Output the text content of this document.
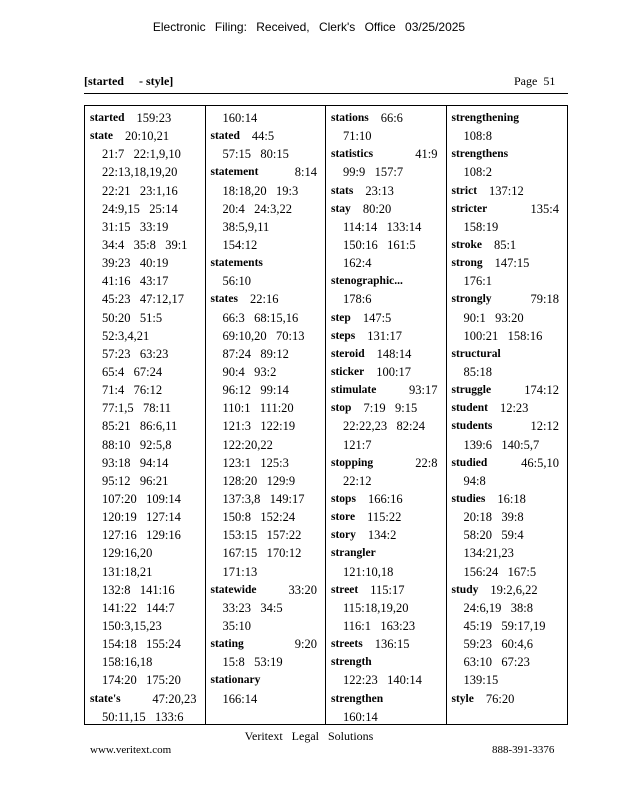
Electronic Filing: Received, Clerk's Office 03/25/2025
[started     - style]	Page  51
started 159:23
state 20:10,21
21:7   22:1,9,10
22:13,18,19,20
22:21   23:1,16
24:9,15   25:14
31:15   33:19
34:4   35:8   39:1
39:23   40:19
41:16   43:17
45:23   47:12,17
50:20   51:5
52:3,4,21
57:23   63:23
65:4   67:24
71:4   76:12
77:1,5   78:11
85:21   86:6,11
88:10   92:5,8
93:18   94:14
95:12   96:21
107:20   109:14
120:19   127:14
127:16   129:16
129:16,20
131:18,21
132:8   141:16
141:22   144:7
150:3,15,23
154:18   155:24
158:16,18
174:20   175:20
state's	47:20,23
50:11,15   133:6
160:14
stated 44:5
57:15   80:15
statement	8:14
18:18,20   19:3
20:4   24:3,22
38:5,9,11
154:12
statements
56:10
states 22:16
66:3   68:15,16
69:10,20   70:13
87:24   89:12
90:4   93:2
96:12   99:14
110:1   111:20
121:3   122:19
122:20,22
123:1   125:3
128:20   129:9
137:3,8   149:17
150:8   152:24
153:15   157:22
167:15   170:12
171:13
statewide	33:20
33:23   34:5
35:10
stating	9:20
15:8   53:19
stationary
166:14
stations 66:6
71:10
statistics	41:9
99:9   157:7
stats 23:13
stay 80:20
114:14   133:14
150:16   161:5
162:4
stenographic...
178:6
step 147:5
steps 131:17
steroid 148:14
sticker 100:17
stimulate	93:17
stop 7:19   9:15
22:22,23   82:24
121:7
stopping	22:8
22:12
stops 166:16
store 115:22
story 134:2
strangler
121:10,18
street 115:17
115:18,19,20
116:1   163:23
streets 136:15
strength
122:23   140:14
strengthen
160:14
strengthening
108:8
strengthens
108:2
strict 137:12
stricter	135:4
158:19
stroke 85:1
strong 147:15
176:1
strongly	79:18
90:1   93:20
100:21   158:16
structural
85:18
struggle	174:12
student 12:23
students	12:12
139:6   140:5,7
studied	46:5,10
94:8
studies 16:18
20:18   39:8
58:20   59:4
134:21,23
156:24   167:5
study 19:2,6,22
24:6,19   38:8
45:19   59:17,19
59:23   60:4,6
63:10   67:23
139:15
style 76:20
Veritext Legal Solutions
www.veritext.com	888-391-3376
